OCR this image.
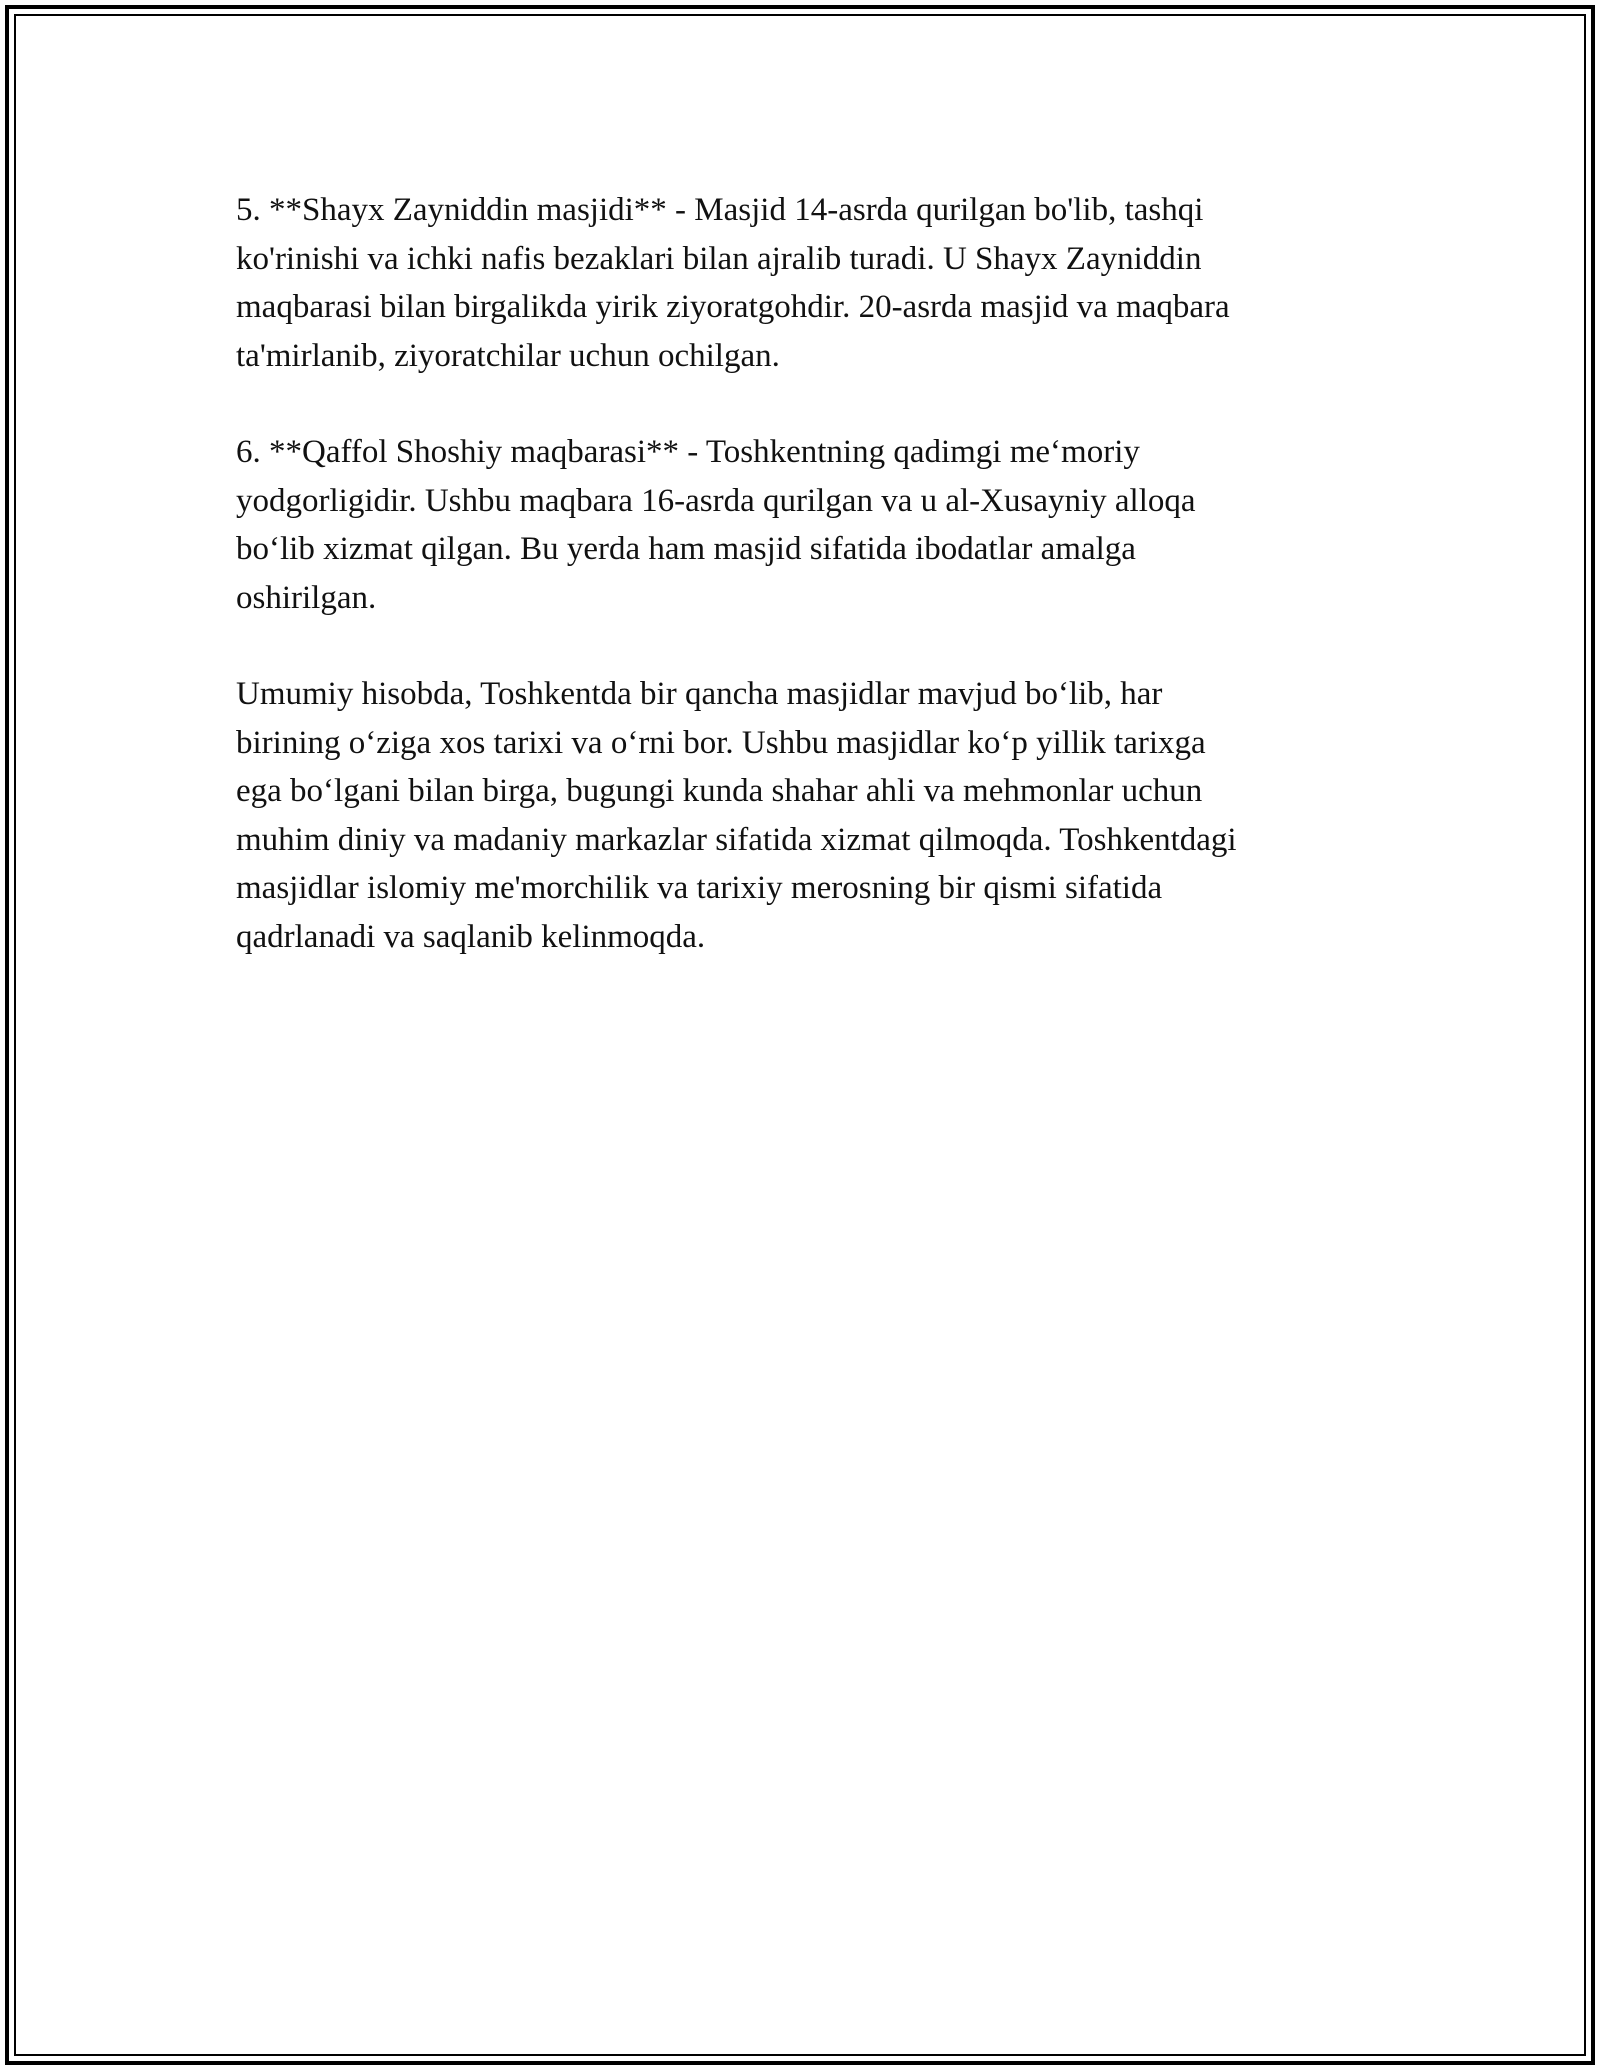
5. **Shayx Zayniddin masjidi** - Masjid 14-asrda qurilgan bo'lib, tashqi
ko'rinishi va ichki nafis bezaklari bilan ajralib turadi. U Shayx Zayniddin
maqbarasi bilan birgalikda yirik ziyoratgohdir. 20-asrda masjid va maqbara
ta'mirlanib, ziyoratchilar uchun ochilgan.

6. **Qaffol Shoshiy maqbarasi** - Toshkentning qadimgi me‘moriy
yodgorligidir. Ushbu maqbara 16-asrda qurilgan va u al-Xusayniy alloqa
bo‘lib xizmat qilgan. Bu yerda ham masjid sifatida ibodatlar amalga
oshirilgan.

Umumiy hisobda, Toshkentda bir qancha masjidlar mavjud bo‘lib, har
birining o‘ziga xos tarixi va o‘rni bor. Ushbu masjidlar ko‘p yillik tarixga
ega bo‘lgani bilan birga, bugungi kunda shahar ahli va mehmonlar uchun
muhim diniy va madaniy markazlar sifatida xizmat qilmoqda. Toshkentdagi
masjidlar islomiy me'morchilik va tarixiy merosning bir qismi sifatida
qadrlanadi va saqlanib kelinmoqda.
